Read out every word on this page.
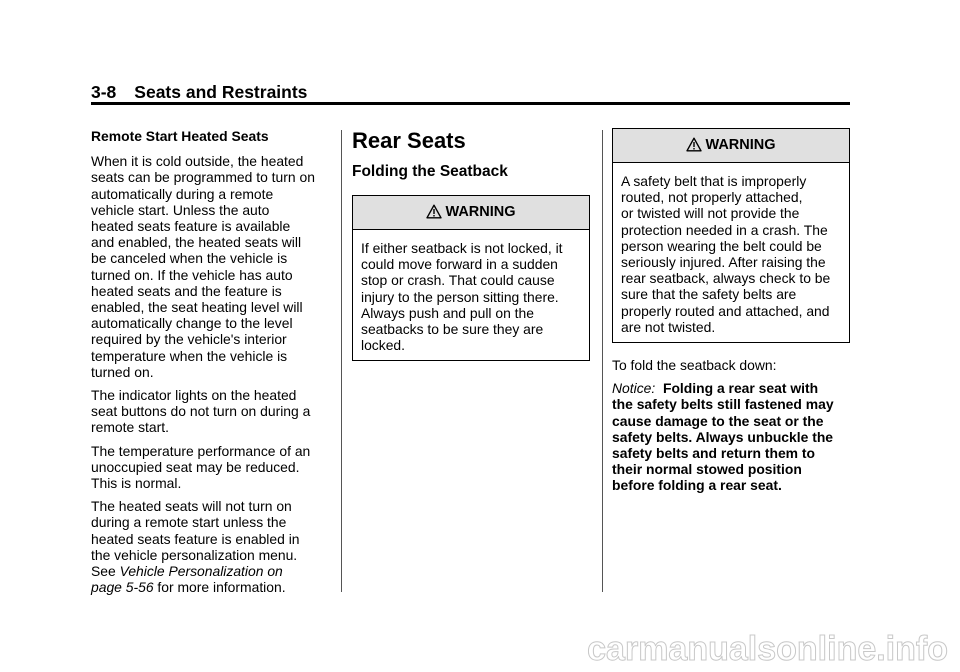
3-8 Seats and Restraints

Remote Start Heated Seats

When it is cold outside, the heated
seats can be programmed to turn on
automatically during a remote
vehicle start. Unless the auto
heated seats feature is available
and enabled, the heated seats will
be canceled when the vehicle is
turned on. If the vehicle has auto
heated seats and the feature is
enabled, the seat heating level will
automatically change to the level
required by the vehicle's interior
temperature when the vehicle is
turned on.

The indicator lights on the heated
seat buttons do not turn on during a
remote start.

The temperature performance of an
unoccupied seat may be reduced.
This is normal.

The heated seats will not turn on
during a remote start unless the
heated seats feature is enabled in
the vehicle personalization menu.
See Vehicle Personalization on
page 5-56 for more information.

Rear Seats
Folding the Seatback
WARNING
If either seatback is not locked, it
could move forward in a sudden
stop or crash. That could cause
injury to the person sitting there.
Always push and pull on the
seatbacks to be sure they are
locked.
WARNING
A safety belt that is improperly
routed, not properly attached,
or twisted will not provide the
protection needed in a crash. The
person wearing the belt could be
seriously injured. After raising the
rear seatback, always check to be
sure that the safety belts are
properly routed and attached, and
are not twisted.

To fold the seatback down:

Notice: Folding a rear seat with
the safety belts still fastened may
cause damage to the seat or the
safety belts. Always unbuckle the
safety belts and return them to
their normal stowed position
before folding a rear seat.

carmanualsonline.info
